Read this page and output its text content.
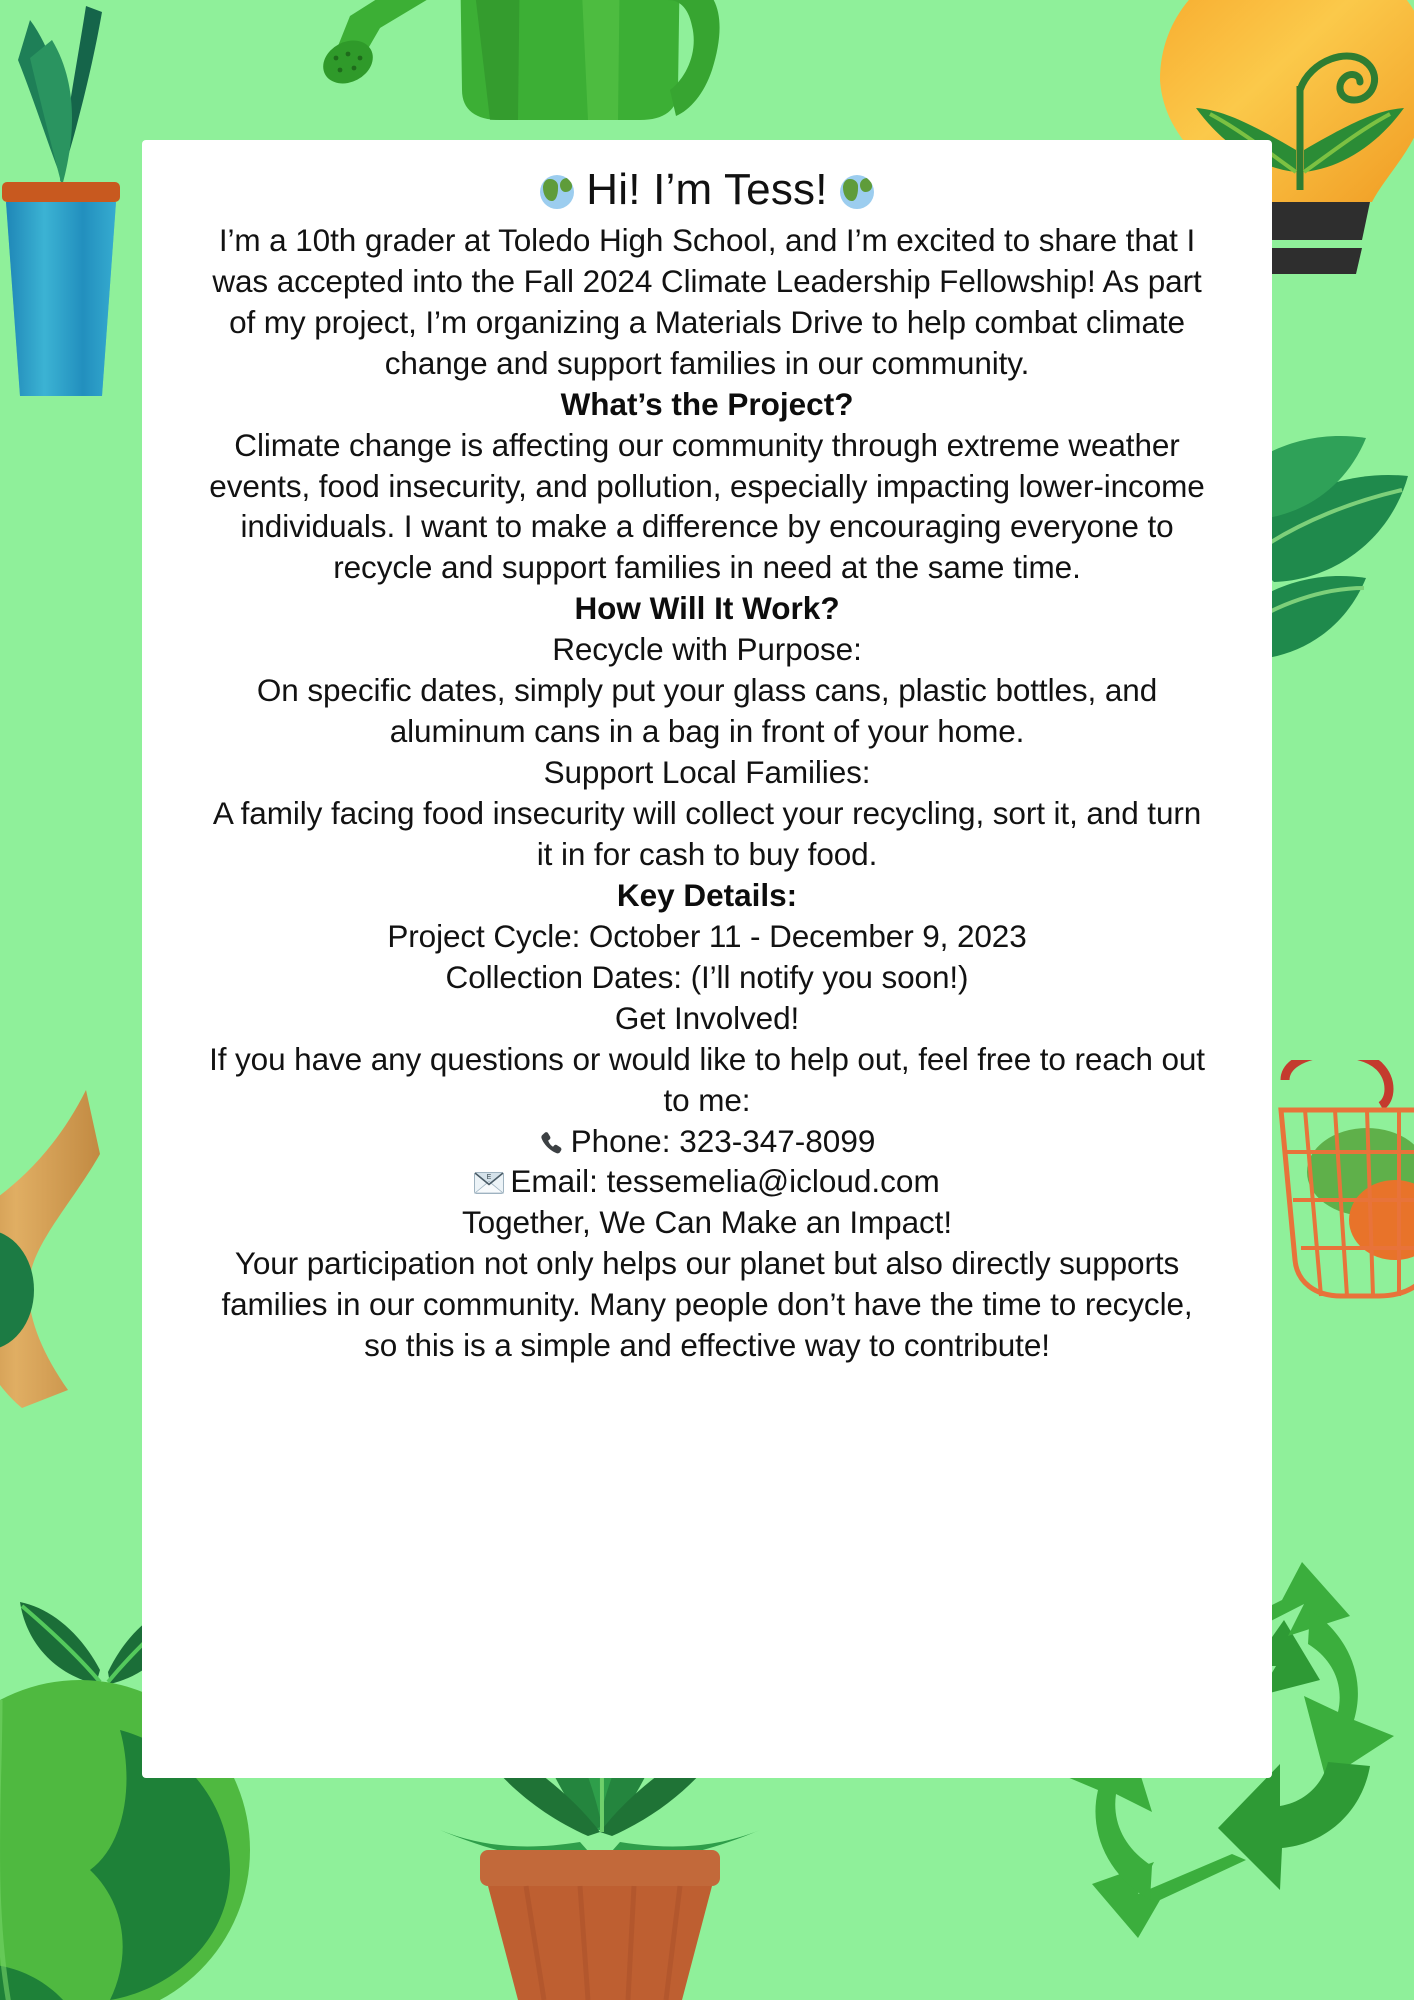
Hi! I’m Tess!

I’m a 10th grader at Toledo High School, and I’m excited to share that I

was accepted into the Fall 2024 Climate Leadership Fellowship! As part

of my project, I’m organizing a Materials Drive to help combat climate

change and support families in our community.

What’s the Project?

Climate change is affecting our community through extreme weather

events, food insecurity, and pollution, especially impacting lower-income

individuals. I want to make a difference by encouraging everyone to

recycle and support families in need at the same time.

How Will It Work?

Recycle with Purpose:

On specific dates, simply put your glass cans, plastic bottles, and

aluminum cans in a bag in front of your home.

Support Local Families:

A family facing food insecurity will collect your recycling, sort it, and turn

it in for cash to buy food.

Key Details:

Project Cycle: October 11 - December 9, 2023

Collection Dates: (I’ll notify you soon!)

Get Involved!

If you have any questions or would like to help out, feel free to reach out

to me:

Phone: 323-347-8099

E Email: tessemelia@icloud.com

Together, We Can Make an Impact!

Your participation not only helps our planet but also directly supports

families in our community. Many people don’t have the time to recycle,

so this is a simple and effective way to contribute!
